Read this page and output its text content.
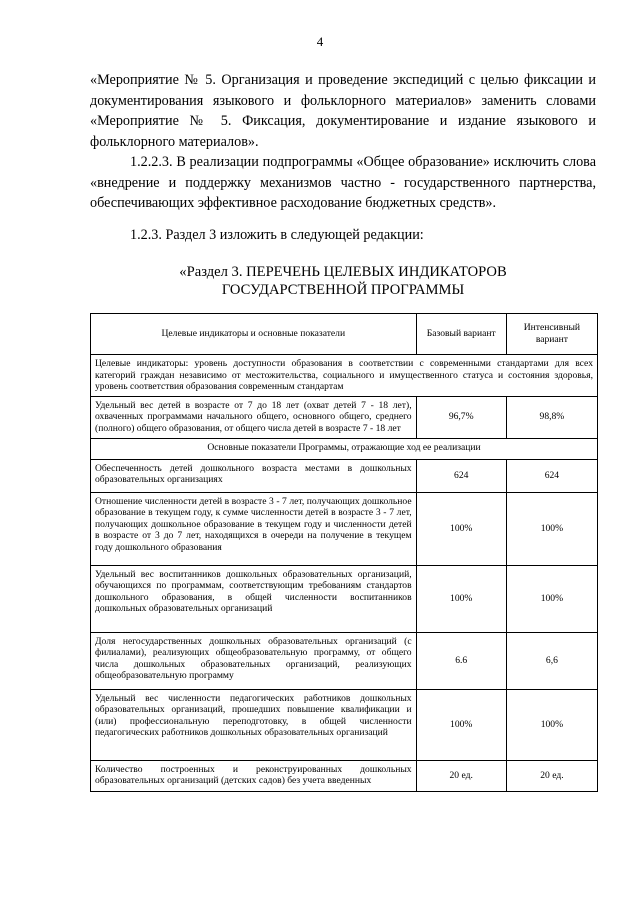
4
«Мероприятие № 5. Организация и проведение экспедиций с целью фиксации и документирования языкового и фольклорного материалов» заменить словами «Мероприятие № 5. Фиксация, документирование и издание языкового и фольклорного материалов».
1.2.2.3. В реализации подпрограммы «Общее образование» исключить слова «внедрение и поддержку механизмов частно - государственного партнерства, обеспечивающих эффективное расходование бюджетных средств».
1.2.3. Раздел 3 изложить в следующей редакции:
«Раздел 3. ПЕРЕЧЕНЬ ЦЕЛЕВЫХ ИНДИКАТОРОВ
ГОСУДАРСТВЕННОЙ ПРОГРАММЫ
Целевые индикаторы и основные показатели	Базовый вариант	Интенсивный вариант
Целевые индикаторы: уровень доступности образования в соответствии с современными стандартами для всех категорий граждан независимо от местожительства, социального и имущественного статуса и состояния здоровья, уровень соответствия образования современным стандартам		
Удельный вес детей в возрасте от 7 до 18 лет (охват детей 7 - 18 лет), охваченных программами начального общего, основного общего, среднего (полного) общего образования, от общего числа детей в возрасте 7 - 18 лет	96,7%	98,8%
Основные показатели Программы, отражающие ход ее реализации		
Обеспеченность детей дошкольного возраста местами в дошкольных образовательных организациях	624	624
Отношение численности детей в возрасте 3 - 7 лет, получающих дошкольное образование в текущем году, к сумме численности детей в возрасте 3 - 7 лет, получающих дошкольное образование в текущем году и численности детей в возрасте от 3 до 7 лет, находящихся в очереди на получение в текущем году дошкольного образования	100%	100%
Удельный вес воспитанников дошкольных образовательных организаций, обучающихся по программам, соответствующим требованиям стандартов дошкольного образования, в общей численности воспитанников дошкольных образовательных организаций	100%	100%
Доля негосударственных дошкольных образовательных организаций (с филиалами), реализующих общеобразовательную программу, от общего числа дошкольных образовательных организаций, реализующих общеобразовательную программу	6.6	6,6
Удельный вес численности педагогических работников дошкольных образовательных организаций, прошедших повышение квалификации и (или) профессиональную переподготовку, в общей численности педагогических работников дошкольных образовательных организаций	100%	100%
Количество построенных и реконструированных дошкольных образовательных организаций (детских садов) без учета введенных	20 ед.	20 ед.
